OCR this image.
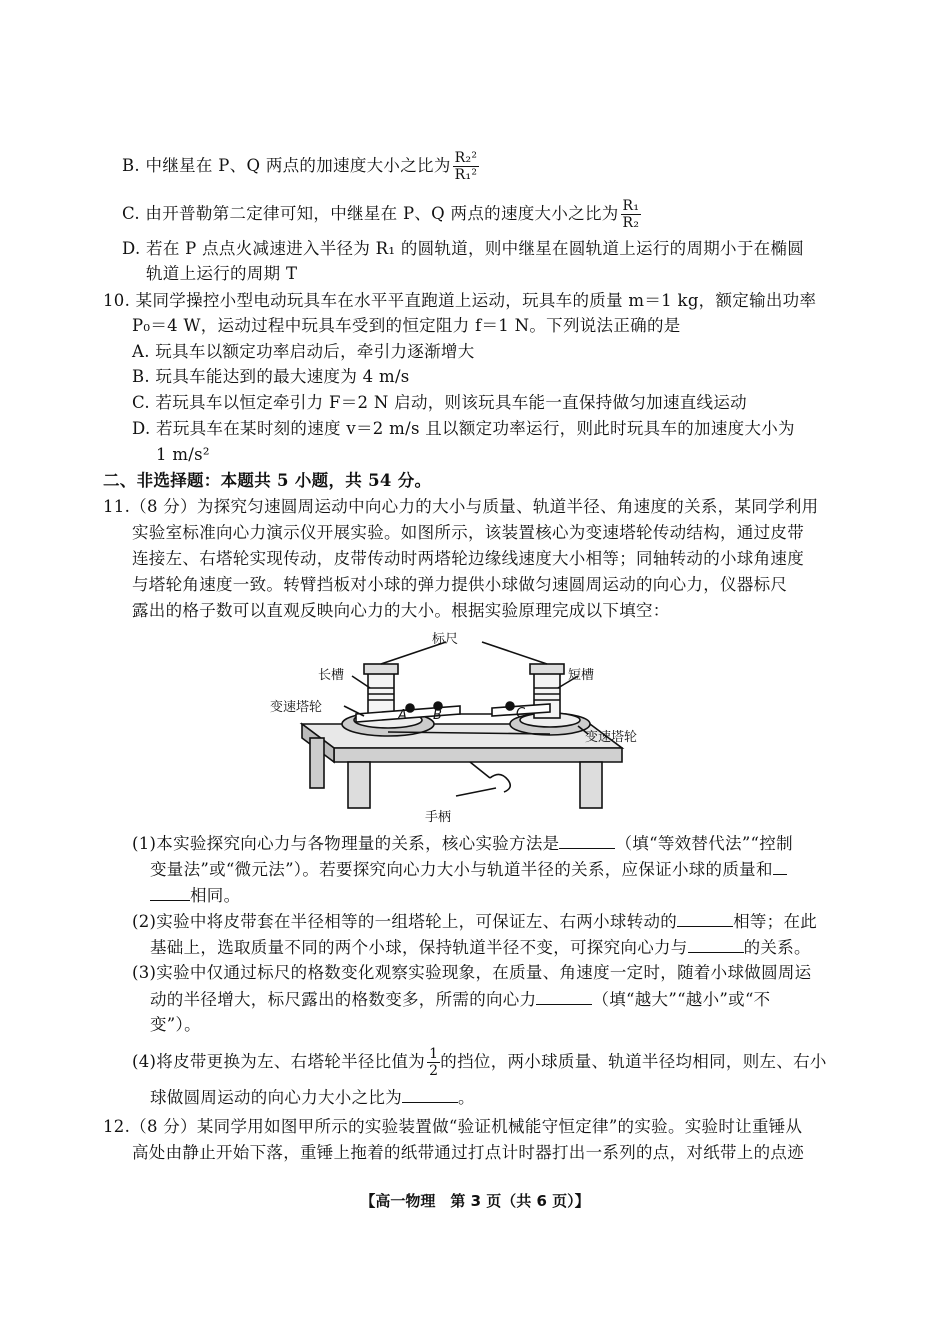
B. 中继星在 P、Q 两点的加速度大小之比为 $\frac{\text{R₂²}}{\text{R₁²}}$
C. 由开普勒第二定律可知，中继星在 P、Q 两点的速度大小之比为 $\frac{\text{R₁}}{\text{R₂}}$
D. 若在 P 点点火减速进入半径为 R₁ 的圆轨道，则中继星在圆轨道上运行的周期小于在椭圆
轨道上运行的周期 T
10. 某同学操控小型电动玩具车在水平平直跑道上运动，玩具车的质量 m＝1 kg，额定输出功率
P₀＝4 W，运动过程中玩具车受到的恒定阻力 f＝1 N。下列说法正确的是
A. 玩具车以额定功率启动后，牵引力逐渐增大
B. 玩具车能达到的最大速度为 4 m/s
C. 若玩具车以恒定牵引力 F＝2 N 启动，则该玩具车能一直保持做匀加速直线运动
D. 若玩具车在某时刻的速度 v＝2 m/s 且以额定功率运行，则此时玩具车的加速度大小为
1 m/s²
二、非选择题：本题共 5 小题，共 54 分。
11.（8 分）为探究匀速圆周运动中向心力的大小与质量、轨道半径、角速度的关系，某同学利用
实验室标准向心力演示仪开展实验。如图所示，该装置核心为变速塔轮传动结构，通过皮带
连接左、右塔轮实现传动，皮带传动时两塔轮边缘线速度大小相等；同轴转动的小球角速度
与塔轮角速度一致。转臂挡板对小球的弹力提供小球做匀速圆周运动的向心力，仪器标尺
露出的格子数可以直观反映向心力的大小。根据实验原理完成以下填空：
标尺
长槽	短槽
变速塔轮
变速塔轮
手柄
A B	C
(1)本实验探究向心力与各物理量的关系，核心实验方法是	（填“等效替代法”“控制
变量法”或“微元法”）。若要探究向心力大小与轨道半径的关系，应保证小球的质量和
相同。
(2)实验中将皮带套在半径相等的一组塔轮上，可保证左、右两小球转动的	相等；在此
基础上，选取质量不同的两个小球，保持轨道半径不变，可探究向心力与	的关系。
(3)实验中仅通过标尺的格数变化观察实验现象，在质量、角速度一定时，随着小球做圆周运
动的半径增大，标尺露出的格数变多，所需的向心力	（填“越大”“越小”或“不
变”）。
(4)将皮带更换为左、右塔轮半径比值为 $\frac{1}{2}$ 的挡位，两小球质量、轨道半径均相同，则左、右小
球做圆周运动的向心力大小之比为	。
12.（8 分）某同学用如图甲所示的实验装置做“验证机械能守恒定律”的实验。实验时让重锤从
高处由静止开始下落，重锤上拖着的纸带通过打点计时器打出一系列的点，对纸带上的点迹
【高一物理　第 3 页（共 6 页）】
